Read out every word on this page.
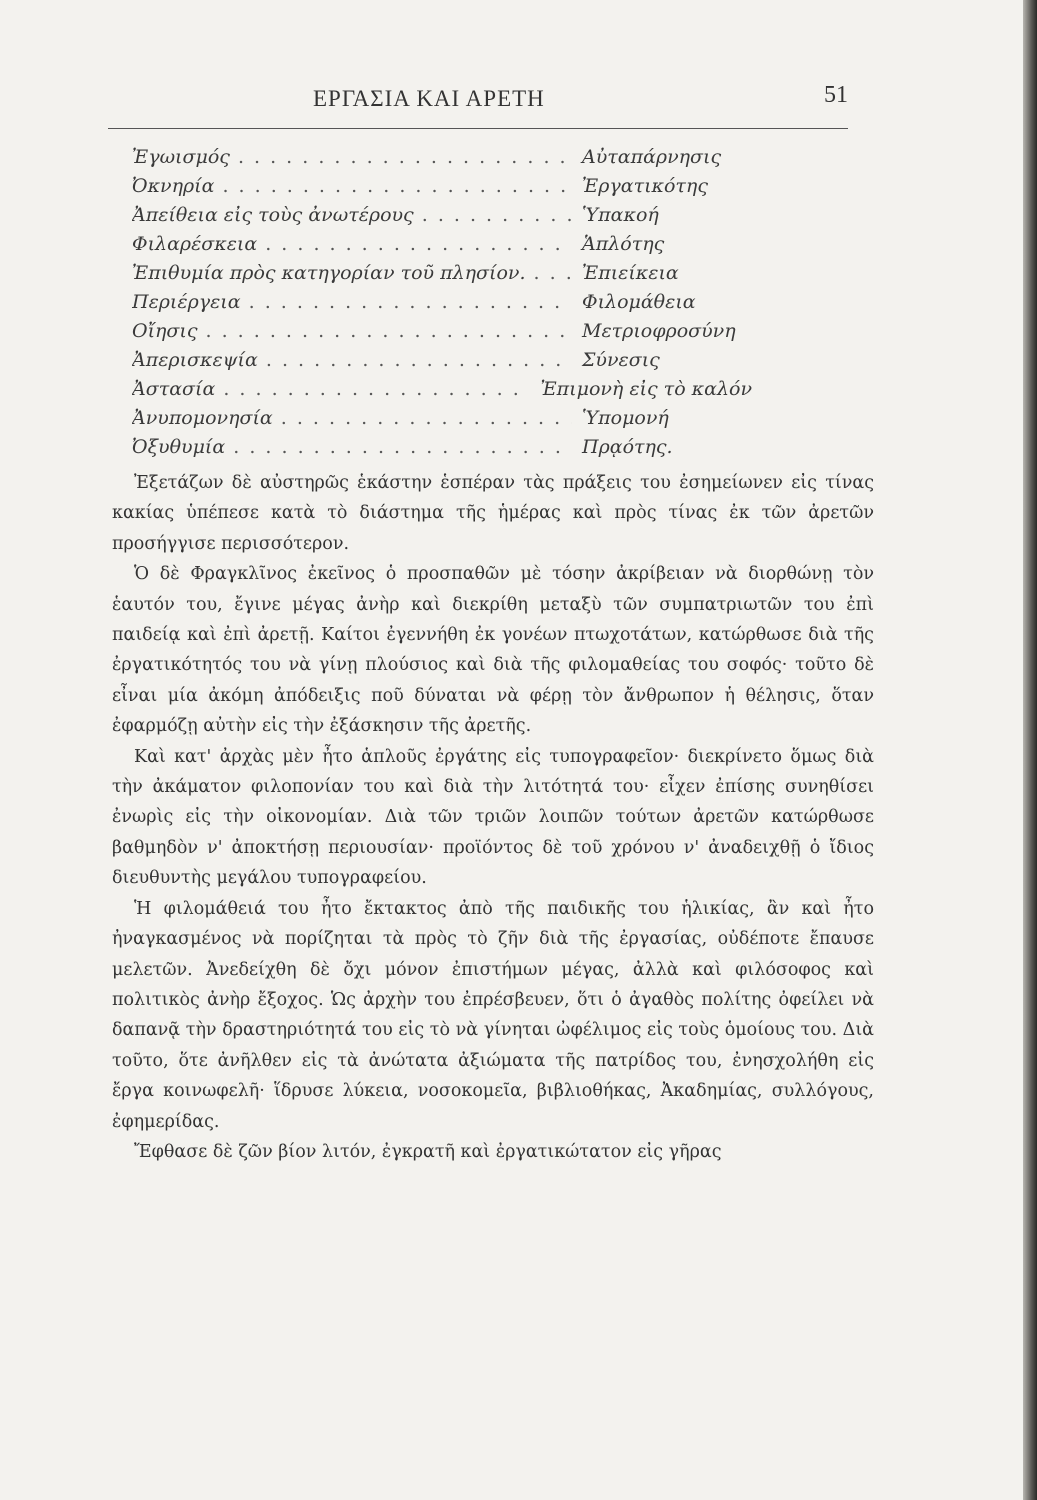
ΕΡΓΑΣΙΑ ΚΑΙ ΑΡΕΤΗ	51
Ἐγωισμός . . .	Αὐταπάρνησις
Ὀκνηρία . . .	Ἐργατικότης
Ἀπείθεια εἰς τοὺς ἀνωτέρους . . .	Ὑπακοή
Φιλαρέσκεια . . .	Ἁπλότης
Ἐπιθυμία πρὸς κατηγορίαν τοῦ πλησίον. . . .	Ἐπιείκεια
Περιέργεια . . .	Φιλομάθεια
Οἴησις . . .	Μετριοφροσύνη
Ἀπερισκεψία . . .	Σύνεσις
Ἀστασία . . .	Ἐπιμονὴ εἰς τὸ καλόν
Ἀνυπομονησία . . .	Ὑπομονή
Ὀξυθυμία . . .	Πρᾳότης.

Ἐξετάζων δὲ αὐστηρῶς ἑκάστην ἑσπέραν τὰς πράξεις του ἐσημείωνεν εἰς τίνας κακίας ὑπέπεσε κατὰ τὸ διάστημα τῆς ἡμέρας καὶ πρὸς τίνας ἐκ τῶν ἀρετῶν προσήγγισε περισσότερον.

Ὁ δὲ Φραγκλῖνος ἐκεῖνος ὁ προσπαθῶν μὲ τόσην ἀκρίβειαν νὰ διορθώνῃ τὸν ἑαυτόν του, ἔγινε μέγας ἀνὴρ καὶ διεκρίθη μεταξὺ τῶν συμπατριωτῶν του ἐπὶ παιδείᾳ καὶ ἐπὶ ἀρετῇ. Καίτοι ἐγεννήθη ἐκ γονέων πτωχοτάτων, κατώρθωσε διὰ τῆς ἐργατικότητός του νὰ γίνῃ πλούσιος καὶ διὰ τῆς φιλομαθείας του σοφός· τοῦτο δὲ εἶναι μία ἀκόμη ἀπόδειξις ποῦ δύναται νὰ φέρῃ τὸν ἄνθρωπον ἡ θέλησις, ὅταν ἐφαρμόζῃ αὐτὴν εἰς τὴν ἐξάσκησιν τῆς ἀρετῆς.

Καὶ κατ' ἀρχὰς μὲν ἦτο ἁπλοῦς ἐργάτης εἰς τυπογραφεῖον· διεκρίνετο ὅμως διὰ τὴν ἀκάματον φιλοπονίαν του καὶ διὰ τὴν λιτότητά του· εἶχεν ἐπίσης συνηθίσει ἐνωρὶς εἰς τὴν οἰκονομίαν. Διὰ τῶν τριῶν λοιπῶν τούτων ἀρετῶν κατώρθωσε βαθμηδὸν ν' ἀποκτήσῃ περιουσίαν· προϊόντος δὲ τοῦ χρόνου ν' ἀναδειχθῇ ὁ ἴδιος διευθυντὴς μεγάλου τυπογραφείου.

Ἡ φιλομάθειά του ἦτο ἔκτακτος ἀπὸ τῆς παιδικῆς του ἡλικίας, ἂν καὶ ἦτο ἠναγκασμένος νὰ πορίζηται τὰ πρὸς τὸ ζῆν διὰ τῆς ἐργασίας, οὐδέποτε ἔπαυσε μελετῶν. Ἀνεδείχθη δὲ ὄχι μόνον ἐπιστήμων μέγας, ἀλλὰ καὶ φιλόσοφος καὶ πολιτικὸς ἀνὴρ ἔξοχος. Ὡς ἀρχὴν του ἐπρέσβευεν, ὅτι ὁ ἀγαθὸς πολίτης ὀφείλει νὰ δαπανᾷ τὴν δραστηριότητά του εἰς τὸ νὰ γίνηται ὠφέλιμος εἰς τοὺς ὁμοίους του. Διὰ τοῦτο, ὅτε ἀνῆλθεν εἰς τὰ ἀνώτατα ἀξιώματα τῆς πατρίδος του, ἐνησχολήθη εἰς ἔργα κοινωφελῆ· ἵδρυσε λύκεια, νοσοκομεῖα, βιβλιοθήκας, Ἀκαδημίας, συλλόγους, ἐφημερίδας.

Ἔφθασε δὲ ζῶν βίον λιτόν, ἐγκρατῆ καὶ ἐργατικώτατον εἰς γῆρας
